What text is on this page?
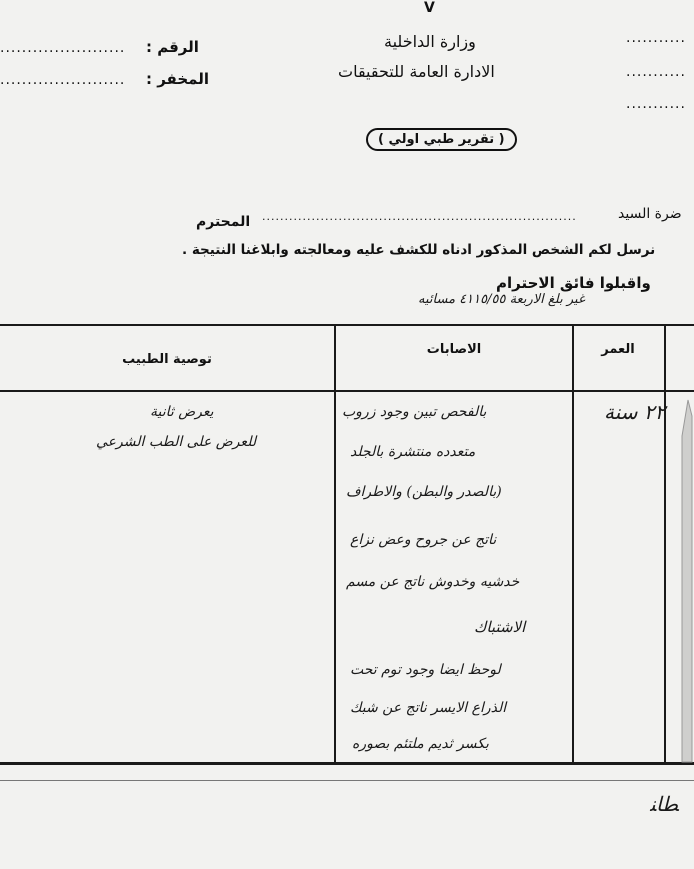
V
....................... الرقم :
....................... المخفر :
وزارة الداخلية
الادارة العامة للتحقيقات
...........
...........
...........
( تقرير طبي اولي )
ضرة السيد
......................................................................
المحترم
نرسل لكم الشخص المذكور ادناه للكشف عليه ومعالجته وابلاغنا النتيجة .
واقبلوا فائق الاحترام
غير بلغ الاربعة ٤١١٥/٥٥ مسائيه
العمر
الاصابات
توصية الطبيب
٢٢ سنة
بالفحص تبين وجود زروب
متعدده منتشرة بالجلد
(بالصدر والبطن) والاطراف
ناتج عن جروح وعض نزاع
خدشيه وخدوش ناتج عن مسم
الاشتباك
لوحظ ايضا وجود توم تحت
الذراع الايسر ناتج عن شبك
بكسر ثديم ملتئم بصوره
يعرض ثانية
للعرض على الطب الشرعي
ﻄﺎﻨ
